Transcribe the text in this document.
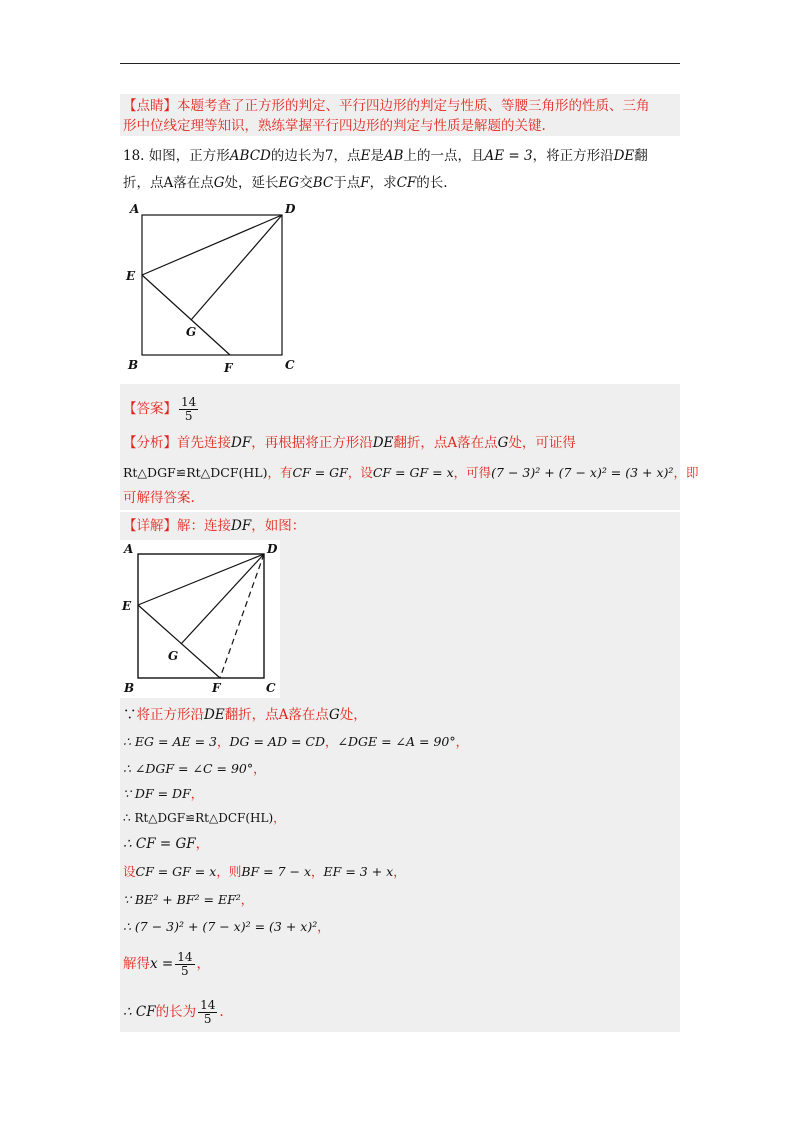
【点睛】本题考查了正方形的判定、平行四边形的判定与性质、等腰三角形的性质、三角
形中位线定理等知识，熟练掌握平行四边形的判定与性质是解题的关键.
18. 如图，正方形ABCD的边长为7，点E是AB上的一点，且AE = 3，将正方形沿DE翻
折，点A落在点G处，延长EG交BC于点F，求CF的长.
A	D
E
G
B	F	C
【答案】 $\frac{14}{5}$
【分析】首先连接DF，再根据将正方形沿DE翻折，点A落在点G处，可证得
Rt△DGF≌Rt△DCF(HL)，有CF = GF，设CF = GF = x，可得(7 − 3)² + (7 − x)² = (3 + x)²，即
可解得答案.
【详解】解：连接DF，如图：
A	D
E
G
B	F	C
∵将正方形沿DE翻折，点A落在点G处，
∴ EG = AE = 3，DG = AD = CD，∠DGE = ∠A = 90°，
∴ ∠DGF = ∠C = 90°，
∵ DF = DF，
∴ Rt△DGF≌Rt△DCF(HL)，
∴ CF = GF，
设CF = GF = x，则BF = 7 − x，EF = 3 + x，
∵ BE² + BF² = EF²，
∴ (7 − 3)² + (7 − x)² = (3 + x)²，
解得$x = \frac{14}{5}$ ，
∴ CF的长为 $\frac{14}{5}$ .
